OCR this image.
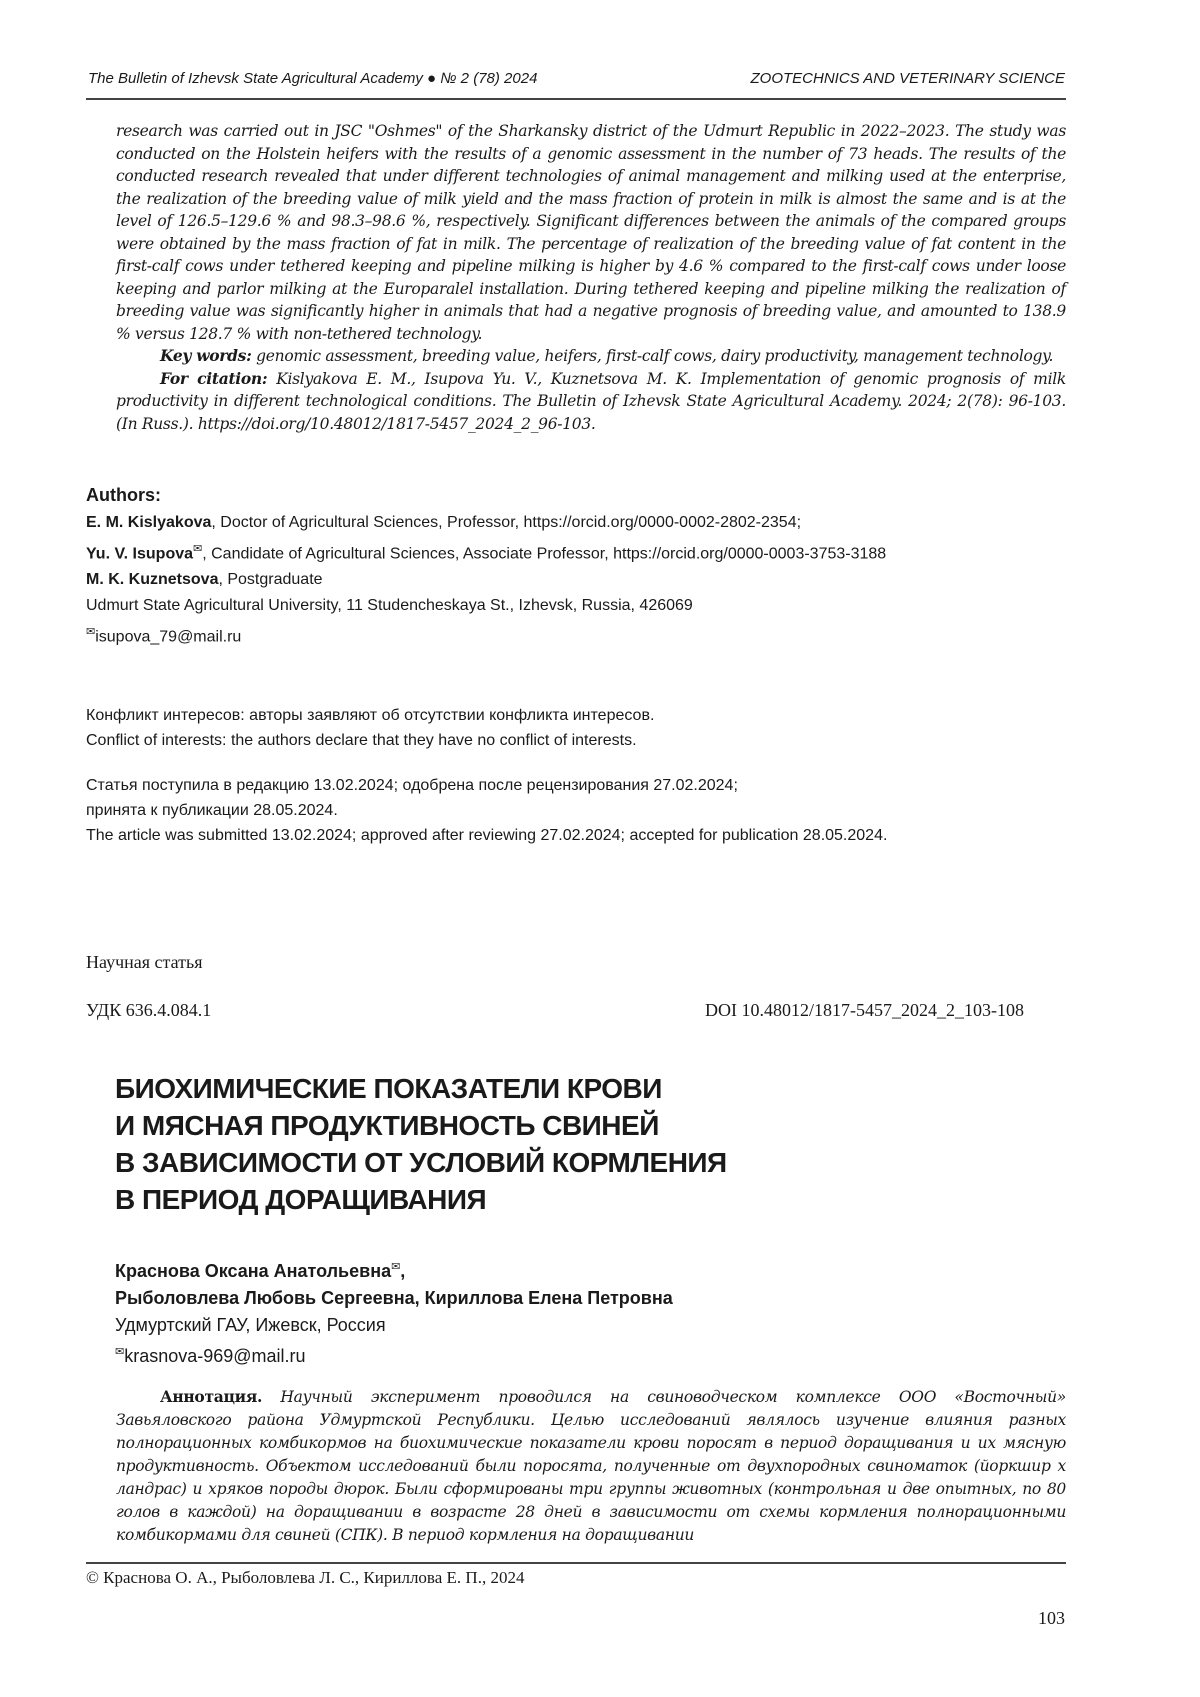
The Bulletin of Izhevsk State Agricultural Academy ● № 2 (78) 2024	ZOOTECHNICS AND VETERINARY SCIENCE

research was carried out in JSC "Oshmes" of the Sharkansky district of the Udmurt Republic in 2022–2023. The study was conducted on the Holstein heifers with the results of a genomic assessment in the number of 73 heads. The results of the conducted research revealed that under different technologies of animal management and milking used at the enterprise, the realization of the breeding value of milk yield and the mass fraction of protein in milk is almost the same and is at the level of 126.5–129.6 % and 98.3–98.6 %, respectively. Significant differences between the animals of the compared groups were obtained by the mass fraction of fat in milk. The percentage of realization of the breeding value of fat content in the first-calf cows under tethered keeping and pipeline milking is higher by 4.6 % compared to the first-calf cows under loose keeping and parlor milking at the Europaralel installation. During tethered keeping and pipeline milking the realization of breeding value was significantly higher in animals that had a negative prognosis of breeding value, and amounted to 138.9 % versus 128.7 % with non-tethered technology.

Key words: genomic assessment, breeding value, heifers, first-calf cows, dairy productivity, management technology.

For citation: Kislyakova E. M., Isupova Yu. V., Kuznetsova M. K. Implementation of genomic prognosis of milk productivity in different technological conditions. The Bulletin of Izhevsk State Agricultural Academy. 2024; 2(78): 96-103. (In Russ.). https://doi.org/10.48012/1817-5457_2024_2_96-103.

Authors:
E. M. Kislyakova, Doctor of Agricultural Sciences, Professor, https://orcid.org/0000-0002-2802-2354;
Yu. V. Isupova✉, Candidate of Agricultural Sciences, Associate Professor, https://orcid.org/0000-0003-3753-3188
M. K. Kuznetsova, Postgraduate
Udmurt State Agricultural University, 11 Studencheskaya St., Izhevsk, Russia, 426069
✉isupova_79@mail.ru
Конфликт интересов: авторы заявляют об отсутствии конфликта интересов.
Conflict of interests: the authors declare that they have no conflict of interests.
Статья поступила в редакцию 13.02.2024; одобрена после рецензирования 27.02.2024;
принята к публикации 28.05.2024.
The article was submitted 13.02.2024; approved after reviewing 27.02.2024; accepted for publication 28.05.2024.
Научная статья
УДК 636.4.084.1	DOI 10.48012/1817-5457_2024_2_103-108
БИОХИМИЧЕСКИЕ ПОКАЗАТЕЛИ КРОВИ
И МЯСНАЯ ПРОДУКТИВНОСТЬ СВИНЕЙ
В ЗАВИСИМОСТИ ОТ УСЛОВИЙ КОРМЛЕНИЯ
В ПЕРИОД ДОРАЩИВАНИЯ
Краснова Оксана Анатольевна✉,
Рыболовлева Любовь Сергеевна, Кириллова Елена Петровна
Удмуртский ГАУ, Ижевск, Россия
✉krasnova-969@mail.ru
Аннотация. Научный эксперимент проводился на свиноводческом комплексе ООО «Восточный» Завьяловского района Удмуртской Республики. Целью исследований являлось изучение влияния разных полнорационных комбикормов на биохимические показатели крови поросят в период доращивания и их мясную продуктивность. Объектом исследований были поросята, полученные от двухпородных свиноматок (йоркшир х ландрас) и хряков породы дюрок. Были сформированы три группы животных (контрольная и две опытных, по 80 голов в каждой) на доращивании в возрасте 28 дней в зависимости от схемы кормления полнорационными комбикормами для свиней (СПК). В период кормления на доращивании
© Краснова О. А., Рыболовлева Л. С., Кириллова Е. П., 2024
103
